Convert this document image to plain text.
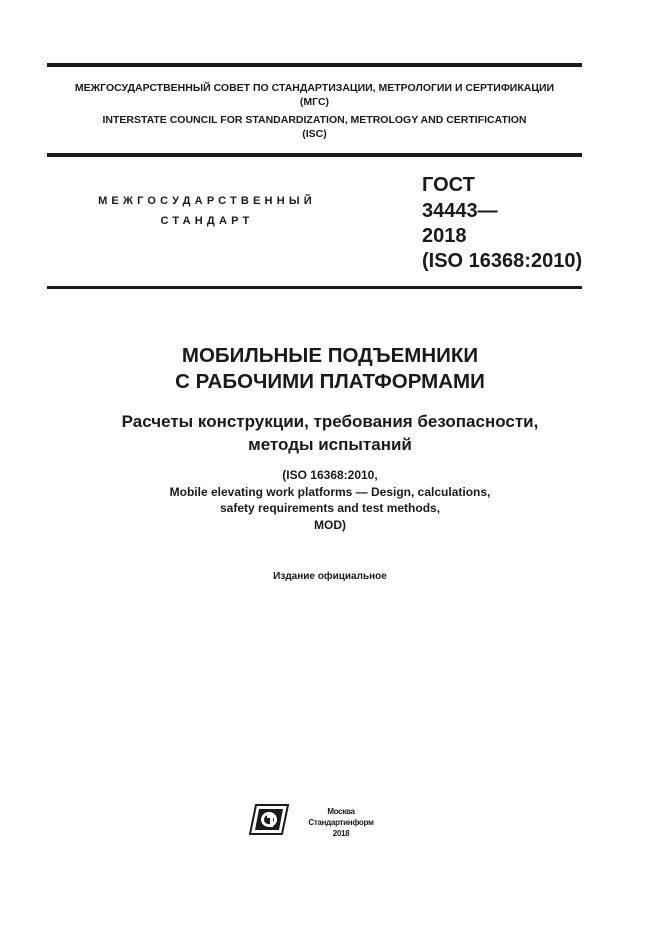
МЕЖГОСУДАРСТВЕННЫЙ СОВЕТ ПО СТАНДАРТИЗАЦИИ, МЕТРОЛОГИИ И СЕРТИФИКАЦИИ
(МГС)
INTERSTATE COUNCIL FOR STANDARDIZATION, METROLOGY AND CERTIFICATION
(ISC)
МЕЖГОСУДАРСТВЕННЫЙ
СТАНДАРТ
ГОСТ
34443—
2018
(ISO 16368:2010)
МОБИЛЬНЫЕ ПОДЪЕМНИКИ
С РАБОЧИМИ ПЛАТФОРМАМИ
Расчеты конструкции, требования безопасности,
методы испытаний
(ISO 16368:2010,
Mobile elevating work platforms — Design, calculations,
safety requirements and test methods,
MOD)
Издание официальное
Москва
Стандартинформ
2018
